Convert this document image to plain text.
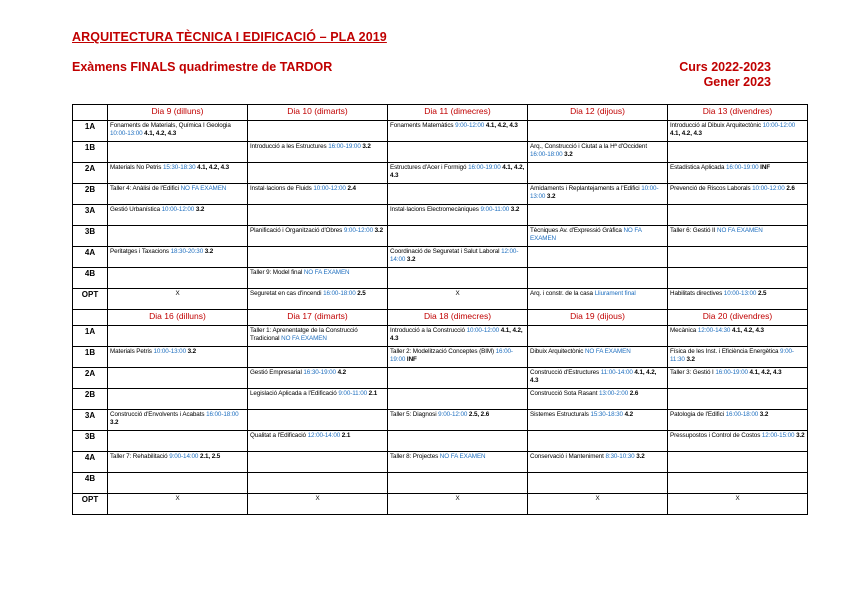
ARQUITECTURA TÈCNICA I EDIFICACIÓ – PLA 2019
Exàmens FINALS quadrimestre de TARDOR	Curs 2022-2023
Gener 2023
	Dia 9 (dilluns)	Dia 10 (dimarts)	Dia 11 (dimecres)	Dia 12 (dijous)	Dia 13 (divendres)
1A	Fonaments de Materials, Química I Geologia 10:00-13:00 4.1, 4.2, 4.3		Fonaments Matemàtics 9:00-12:00 4.1, 4.2, 4.3		Introducció al Dibuix Arquitectònic 10:00-12:00 4.1, 4.2, 4.3
1B		Introducció a les Estructures 16:00-19:00 3.2		Arq., Construcció i Ciutat a la Hª d'Occident 16:00-18:00 3.2	
2A	Materials No Petris 15:30-18:30 4.1, 4.2, 4.3		Estructures d'Acer i Formigó 16:00-19:00 4.1, 4.2, 4.3		Estadística Aplicada 16:00-19:00 INF
2B	Taller 4: Anàlisi de l'Edifici NO FA EXAMEN	Instal·lacions de Fluids 10:00-12:00 2.4		Amidaments i Replantejaments a l'Edifici 10:00-13:00 3.2	Prevenció de Riscos Laborals 10:00-12:00 2.6
3A	Gestió Urbanística 10:00-12:00 3.2		Instal·lacions Electromecàniques 9:00-11:00 3.2		
3B		Planificació i Organització d'Obres 9:00-12:00 3.2		Tècniques Av. d'Expressió Gràfica NO FA EXAMEN	Taller 6: Gestió II NO FA EXAMEN
4A	Peritatges i Taxacions 18:30-20:30 3.2		Coordinació de Seguretat i Salut Laboral 12:00-14:00 3.2		
4B		Taller 9: Model final NO FA EXAMEN			
OPT	X	Seguretat en cas d'incendi 16:00-18:00 2.5	X	Arq. i constr. de la casa Lliurament final	Habilitats directives 10:00-13:00 2.5
	Dia 16 (dilluns)	Dia 17 (dimarts)	Dia 18 (dimecres)	Dia 19 (dijous)	Dia 20 (divendres)
1A		Taller 1: Aprenentatge de la Construcció Tradicional NO FA EXAMEN	Introducció a la Construcció 10:00-12:00 4.1, 4.2, 4.3		Mecànica 12:00-14:30 4.1, 4.2, 4.3
1B	Materials Petris 10:00-13:00 3.2		Taller 2: Modelització Conceptes (BIM) 16:00-19:00 INF	Dibuix Arquitectònic NO FA EXAMEN	Física de les Inst. i Eficiència Energètica 9:00-11:30 3.2
2A		Gestió Empresarial 16:30-19:00 4.2		Construcció d'Estructures 11:00-14:00 4.1, 4.2, 4.3	Taller 3: Gestió I 16:00-19:00 4.1, 4.2, 4.3
2B		Legislació Aplicada a l'Edificació 9:00-11:00 2.1		Construcció Sota Rasant 13:00-2:00 2.6	
3A	Construcció d'Envolvents i Acabats 16:00-18:00 3.2		Taller 5: Diagnosi 9:00-12:00 2.5, 2.6	Sistemes Estructurals 15:30-18:30 4.2	Patologia de l'Edifici 16:00-18:00 3.2
3B		Qualitat a l'Edificació 12:00-14:00 2.1			Pressupostos i Control de Costos 12:00-15:00 3.2
4A	Taller 7: Rehabilitació 9:00-14:00 2.1, 2.5		Taller 8: Projectes NO FA EXAMEN	Conservació i Manteniment 8:30-10:30 3.2	
4B					
OPT	X	X	X	X	X
